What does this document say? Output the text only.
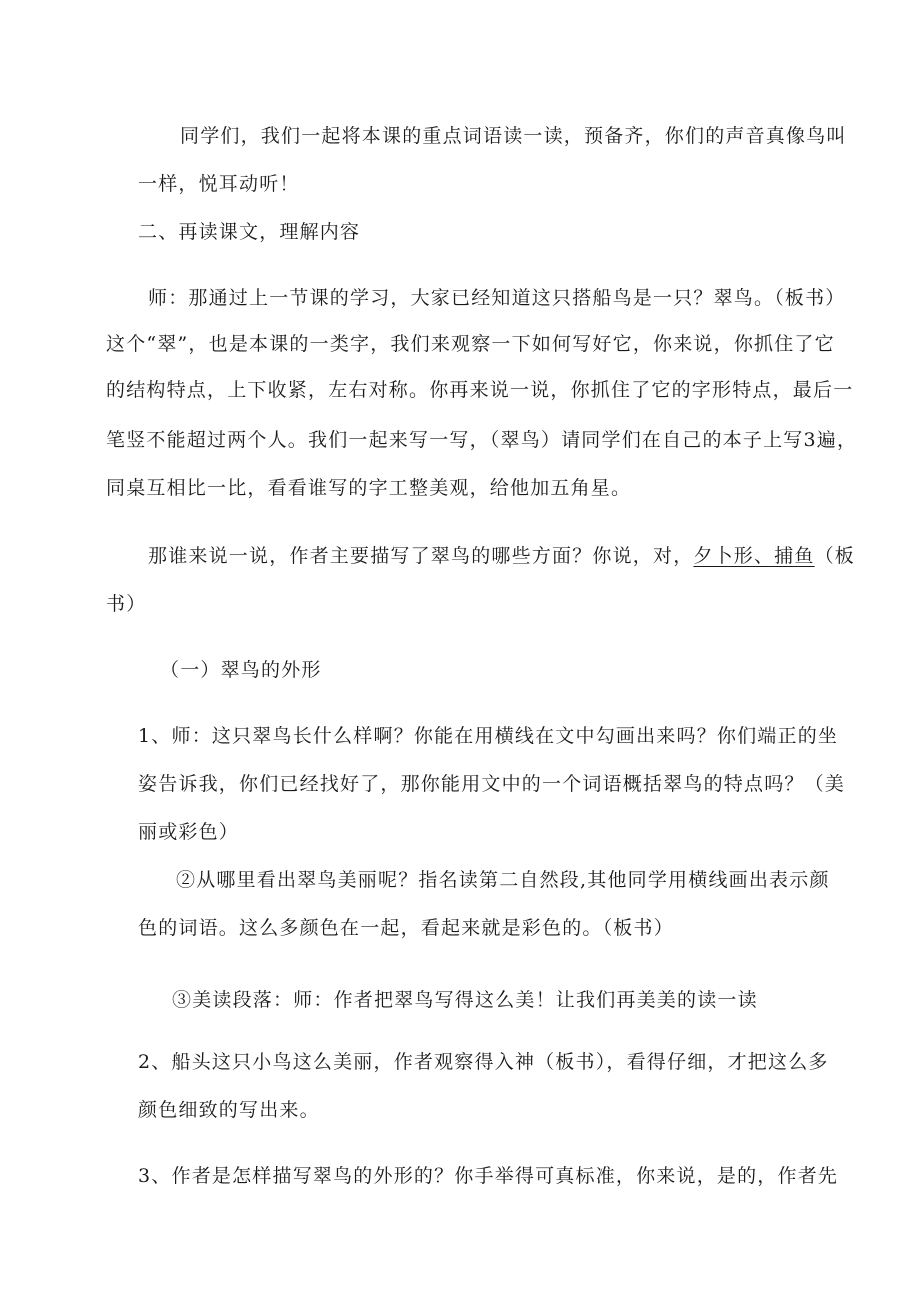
同学们，我们一起将本课的重点词语读一读，预备齐，你们的声音真像鸟叫
一样，悦耳动听！
二、再读课文，理解内容
师：那通过上一节课的学习，大家已经知道这只搭船鸟是一只？翠鸟。（板书）
这个“翠”，也是本课的一类字，我们来观察一下如何写好它，你来说，你抓住了它
的结构特点，上下收紧，左右对称。你再来说一说，你抓住了它的字形特点，最后一
笔竖不能超过两个人。我们一起来写一写，（翠鸟）请同学们在自己的本子上写3遍，
同桌互相比一比，看看谁写的字工整美观，给他加五角星。
那谁来说一说，作者主要描写了翠鸟的哪些方面？你说，对，夕卜形、捕鱼（板
书）
（一）翠鸟的外形
1、师：这只翠鸟长什么样啊？你能在用横线在文中勾画出来吗？你们端正的坐
姿告诉我，你们已经找好了，那你能用文中的一个词语概括翠鸟的特点吗？（美
丽或彩色）
②从哪里看出翠鸟美丽呢？指名读第二自然段,其他同学用横线画出表示颜
色的词语。这么多颜色在一起，看起来就是彩色的。（板书）
③美读段落：师：作者把翠鸟写得这么美！让我们再美美的读一读
2、船头这只小鸟这么美丽，作者观察得入神（板书），看得仔细，才把这么多
颜色细致的写出来。
3、作者是怎样描写翠鸟的外形的？你手举得可真标准，你来说，是的，作者先
